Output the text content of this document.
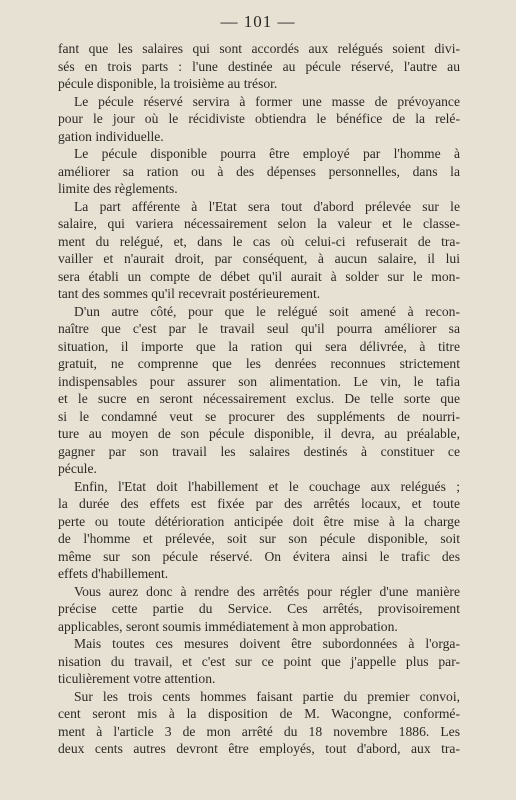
— 101 —
fant que les salaires qui sont accordés aux relégués soient divi-
sés en trois parts : l'une destinée au pécule réservé, l'autre au
pécule disponible, la troisième au trésor.
Le pécule réservé servira à former une masse de prévoyance
pour le jour où le récidiviste obtiendra le bénéfice de la relé-
gation individuelle.
Le pécule disponible pourra être employé par l'homme à
améliorer sa ration ou à des dépenses personnelles, dans la
limite des règlements.
La part afférente à l'Etat sera tout d'abord prélevée sur le
salaire, qui variera nécessairement selon la valeur et le classe-
ment du relégué, et, dans le cas où celui-ci refuserait de tra-
vailler et n'aurait droit, par conséquent, à aucun salaire, il lui
sera établi un compte de débet qu'il aurait à solder sur le mon-
tant des sommes qu'il recevrait postérieurement.
D'un autre côté, pour que le relégué soit amené à recon-
naître que c'est par le travail seul qu'il pourra améliorer sa
situation, il importe que la ration qui sera délivrée, à titre
gratuit, ne comprenne que les denrées reconnues strictement
indispensables pour assurer son alimentation. Le vin, le tafia
et le sucre en seront nécessairement exclus. De telle sorte que
si le condamné veut se procurer des suppléments de nourri-
ture au moyen de son pécule disponible, il devra, au préalable,
gagner par son travail les salaires destinés à constituer ce
pécule.
Enfin, l'Etat doit l'habillement et le couchage aux relégués ;
la durée des effets est fixée par des arrêtés locaux, et toute
perte ou toute détérioration anticipée doit être mise à la charge
de l'homme et prélevée, soit sur son pécule disponible, soit
même sur son pécule réservé. On évitera ainsi le trafic des
effets d'habillement.
Vous aurez donc à rendre des arrêtés pour régler d'une manière
précise cette partie du Service. Ces arrêtés, provisoirement
applicables, seront soumis immédiatement à mon approbation.
Mais toutes ces mesures doivent être subordonnées à l'orga-
nisation du travail, et c'est sur ce point que j'appelle plus par-
ticulièrement votre attention.
Sur les trois cents hommes faisant partie du premier convoi,
cent seront mis à la disposition de M. Wacongne, conformé-
ment à l'article 3 de mon arrêté du 18 novembre 1886. Les
deux cents autres devront être employés, tout d'abord, aux tra-
